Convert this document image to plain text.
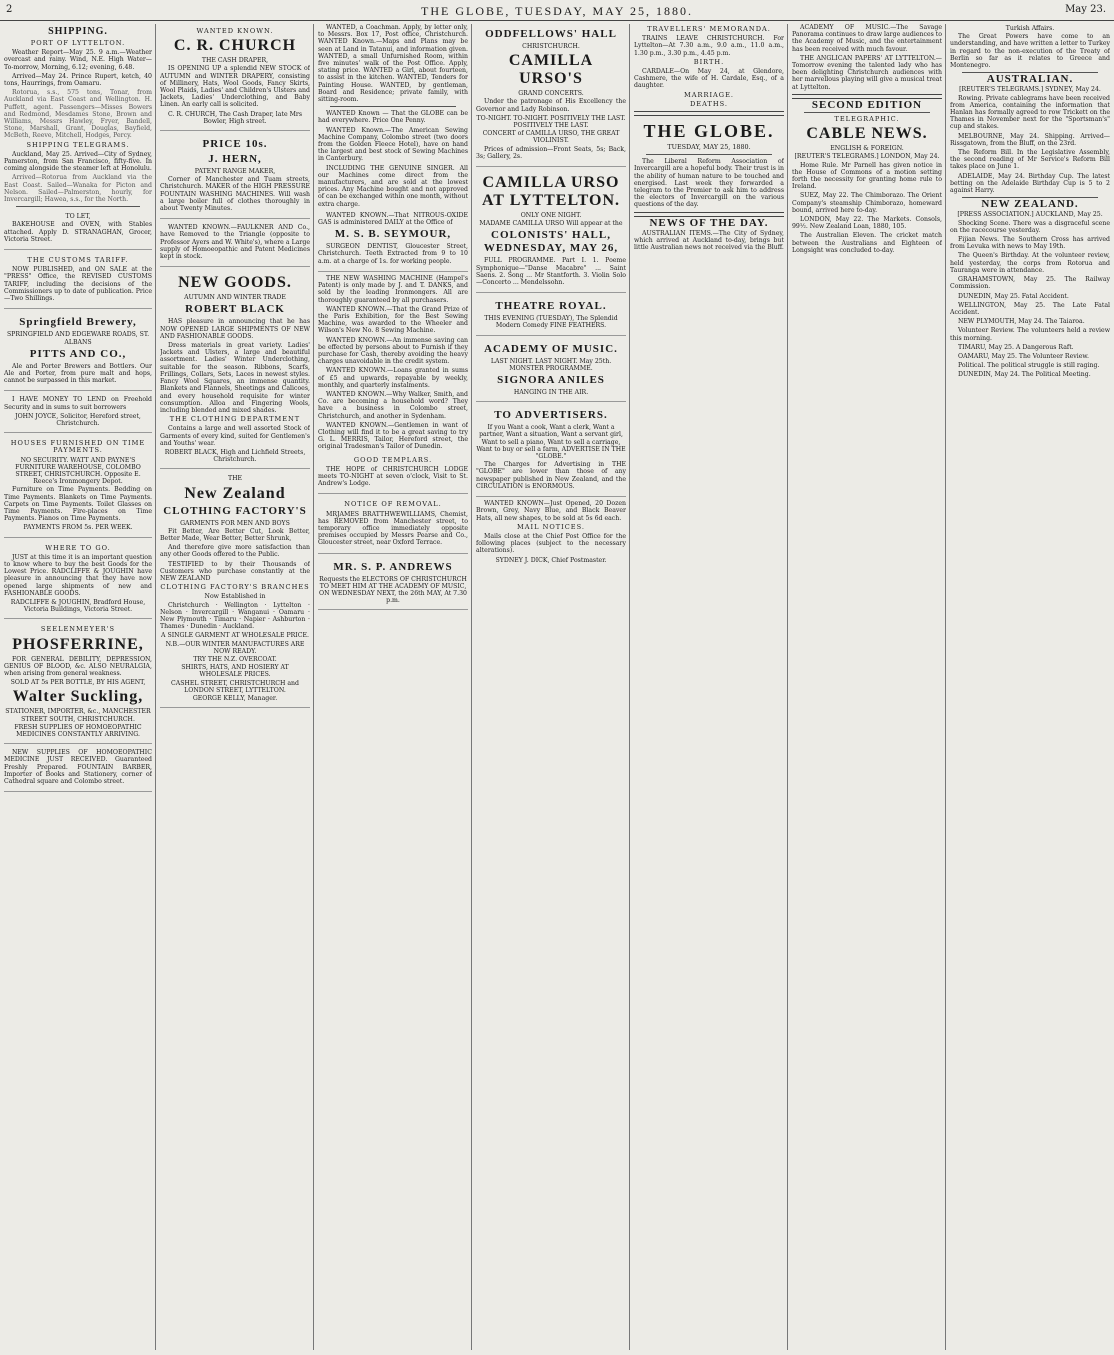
2	THE GLOBE, TUESDAY, MAY 25, 1880.	May 23.
SHIPPING.
PORT OF LYTTELTON.

Weather Report—May 25. 9 a.m.—Weather overcast and rainy. Wind, N.E. High Water—To-morrow, Morning, 6.12; evening, 6.48.

Arrived—May 24. Prince Rupert, ketch, 40 tons, Haurrings, from Oamaru.

Rotorua, s.s., 575 tons, Tonar, from Auckland via East Coast and Wellington. H. Puffett, agent. Passengers—Misses Bowers and Redmond, Mesdames Stone, Brown and Williams, Messrs Hawley, Fryer, Bandell, Stone, Marshall, Grant, Douglas, Bayfield, McBeth, Reeve, Mitchell, Hodges, Percy.

SHIPPING TELEGRAMS.

Auckland, May 25. Arrived—City of Sydney, Pamerston, from San Francisco, fifty-five. In coming alongside the steamer left at Honolulu.

Arrived—Rotorua from Auckland via the East Coast. Sailed—Wanaka for Picton and Nelson. Sailed—Palmerston, hourly, for Invercargill; Hawea, s.s., for the North.

TO LET,

BAKEHOUSE and OVEN, with Stables attached. Apply D. STRANAGHAN, Grocer, Victoria Street.

THE CUSTOMS TARIFF.

NOW PUBLISHED, and ON SALE at the "PRESS" Office, the REVISED CUSTOMS TARIFF, including the decisions of the Commissioners up to date of publication. Price—Two Shillings.

Springfield Brewery,
SPRINGFIELD AND EDGEWARE ROADS, ST. ALBANS
PITTS AND CO.,

Ale and Porter Brewers and Bottlers. Our Ale and Porter, from pure malt and hops, cannot be surpassed in this market.

I HAVE MONEY TO LEND on Freehold Security and in sums to suit borrowers

JOHN JOYCE, Solicitor, Hereford street, Christchurch.
HOUSES FURNISHED ON TIME PAYMENTS.
NO SECURITY. WATT AND PAYNE'S FURNITURE WAREHOUSE, COLOMBO STREET, CHRISTCHURCH. Opposite E. Reece's Ironmongery Depot.

Furniture on Time Payments. Bedding on Time Payments. Blankets on Time Payments. Carpets on Time Payments. Toilet Glasses on Time Payments. Fire-places on Time Payments. Pianos on Time Payments.

PAYMENTS FROM 5s. PER WEEK.
WHERE TO GO.

JUST at this time it is an important question to know where to buy the best Goods for the Lowest Price. RADCLIFFE & JOUGHIN have pleasure in announcing that they have now opened large shipments of new and FASHIONABLE GOODS.

RADCLIFFE & JOUGHIN, Bradford House, Victoria Buildings, Victoria Street.
SEELENMEYER'S
PHOSFERRINE,

FOR GENERAL DEBILITY, DEPRESSION, GENIUS OF BLOOD, &c. ALSO NEURALGIA, when arising from general weakness.

SOLD AT 5s PER BOTTLE, BY HIS AGENT,
Walter Suckling,
STATIONER, IMPORTER, &c., MANCHESTER STREET SOUTH, CHRISTCHURCH.
FRESH SUPPLIES OF HOMOEOPATHIC MEDICINES CONSTANTLY ARRIVING.

NEW SUPPLIES OF HOMOEOPATHIC MEDICINE JUST RECEIVED. Guaranteed Freshly Prepared. FOUNTAIN BARBER, Importer of Books and Stationery, corner of Cathedral square and Colombo street.

WANTED KNOWN.
C. R. CHURCH
THE CASH DRAPER,

IS OPENING UP a splendid NEW STOCK of AUTUMN and WINTER DRAPERY, consisting of Millinery, Hats, Wool Goods, Fancy Skirts, Wool Plaids, Ladies' and Children's Ulsters and Jackets, Ladies' Underclothing, and Baby Linen. An early call is solicited.

C. R. CHURCH, The Cash Draper, late Mrs Bowler, High street.
PRICE 10s.
J. HERN,
PATENT RANGE MAKER,

Corner of Manchester and Tuam streets, Christchurch. MAKER of the HIGH PRESSURE FOUNTAIN WASHING MACHINES. Will wash a large boiler full of clothes thoroughly in about Twenty Minutes.

WANTED KNOWN.—FAULKNER AND Co., have Removed to the Triangle (opposite to Professor Ayers and W. White's), where a Large supply of Homoeopathic and Patent Medicines kept in stock.

NEW GOODS.
AUTUMN AND WINTER TRADE
ROBERT BLACK

HAS pleasure in announcing that he has NOW OPENED LARGE SHIPMENTS OF NEW AND FASHIONABLE GOODS.

Dress materials in great variety. Ladies' Jackets and Ulsters, a large and beautiful assortment. Ladies' Winter Underclothing, suitable for the season. Ribbons, Scarfs, Frillings, Collars, Sets, Laces in newest styles. Fancy Wool Squares, an immense quantity. Blankets and Flannels, Sheetings and Calicoes, and every household requisite for winter consumption. Alloa and Fingering Wools, including blended and mixed shades.

THE CLOTHING DEPARTMENT

Contains a large and well assorted Stock of Garments of every kind, suited for Gentlemen's and Youths' wear.

ROBERT BLACK, High and Lichfield Streets, Christchurch.
THE
New Zealand
CLOTHING FACTORY'S
GARMENTS FOR MEN AND BOYS

Fit Better, Are Better Cut, Look Better, Better Made, Wear Better, Better Shrunk,

And therefore give more satisfaction than any other Goods offered to the Public.

TESTIFIED to by their Thousands of Customers who purchase constantly at the NEW ZEALAND

CLOTHING FACTORY'S BRANCHES
Now Established in

Christchurch · Wellington · Lyttelton · Nelson · Invercargill · Wanganui · Oamaru · New Plymouth · Timaru · Napier · Ashburton · Thames · Dunedin · Auckland.

A SINGLE GARMENT AT WHOLESALE PRICE.
N.B.—OUR WINTER MANUFACTURES ARE NOW READY.
TRY THE N.Z. OVERCOAT.
SHIRTS, HATS, AND HOSIERY AT WHOLESALE PRICES.
CASHEL STREET, CHRISTCHURCH and LONDON STREET, LYTTELTON.
GEORGE KELLY, Manager.

WANTED, a Coachman. Apply, by letter only, to Messrs. Box 17, Post office, Christchurch. WANTED Known.—Maps and Plans may be seen at Land in Tatanui, and information given. WANTED, a small Unfurnished Room, within five minutes' walk of the Post Office. Apply, stating price. WANTED a Girl, about fourteen, to assist in the kitchen. WANTED, Tenders for Painting House. WANTED, by gentleman, Board and Residence; private family, with sitting-room.

WANTED Known — That the GLOBE can be had everywhere. Price One Penny.

WANTED Known.—The American Sewing Machine Company, Colombo street (two doors from the Golden Fleece Hotel), have on hand the largest and best stock of Sewing Machines in Canterbury.

INCLUDING THE GENUINE SINGER. All our Machines come direct from the manufacturers, and are sold at the lowest prices. Any Machine bought and not approved of can be exchanged within one month, without extra charge.

WANTED KNOWN.—That NITROUS-OXIDE GAS is administered DAILY at the Office of

M. S. B. SEYMOUR,

SURGEON DENTIST, Gloucester Street, Christchurch. Teeth Extracted from 9 to 10 a.m. at a charge of 1s. for working people.

THE NEW WASHING MACHINE (Hampel's Patent) is only made by J. and T. DANKS, and sold by the leading Ironmongers. All are thoroughly guaranteed by all purchasers.

WANTED KNOWN.—That the Grand Prize of the Paris Exhibition, for the Best Sewing Machine, was awarded to the Wheeler and Wilson's New No. 8 Sewing Machine.

WANTED KNOWN.—An immense saving can be effected by persons about to Furnish if they purchase for Cash, thereby avoiding the heavy charges unavoidable in the credit system.

WANTED KNOWN.—Loans granted in sums of £5 and upwards, repayable by weekly, monthly, and quarterly instalments.

WANTED KNOWN.—Why Walker, Smith, and Co. are becoming a household word? They have a business in Colombo street, Christchurch, and another in Sydenham.

WANTED KNOWN.—Gentlemen in want of Clothing will find it to be a great saving to try G. L. MERRIS, Tailor, Hereford street, the original Tradesman's Tailor of Dunedin.

GOOD TEMPLARS.

THE HOPE of CHRISTCHURCH LODGE meets TO-NIGHT at seven o'clock, Visit to St. Andrew's Lodge.

NOTICE OF REMOVAL.

MRJAMES BRATTHWEWILLIAMS, Chemist, has REMOVED from Manchester street, to temporary office immediately opposite premises occupied by Messrs Pearse and Co., Gloucester street, near Oxford Terrace.

MR. S. P. ANDREWS
Requests the ELECTORS OF CHRISTCHURCH TO MEET HIM AT THE ACADEMY OF MUSIC, ON WEDNESDAY NEXT, the 26th MAY, At 7.30 p.m.
ODDFELLOWS' HALL
CHRISTCHURCH.
CAMILLA URSO'S
GRAND CONCERTS.

Under the patronage of His Excellency the Governor and Lady Robinson.

TO-NIGHT. TO-NIGHT. POSITIVELY THE LAST. POSITIVELY THE LAST.
CONCERT of CAMILLA URSO, THE GREAT VIOLINIST.

Prices of admission—Front Seats, 5s; Back, 3s; Gallery, 2s.

CAMILLA URSO AT LYTTELTON.
ONLY ONE NIGHT.
MADAME CAMILLA URSO Will appear at the
COLONISTS' HALL, WEDNESDAY, MAY 26,

FULL PROGRAMME. Part I. 1. Poeme Symphonique—"Danse Macabre" ... Saint Saens. 2. Song ... Mr Stantforth. 3. Violin Solo—Concerto ... Mendelssohn.

THEATRE ROYAL.
THIS EVENING (TUESDAY), The Splendid Modern Comedy FINE FEATHERS.
ACADEMY OF MUSIC.
LAST NIGHT. LAST NIGHT. May 25th. MONSTER PROGRAMME.
SIGNORA ANILES
HANGING IN THE AIR.
TO ADVERTISERS.
If you Want a cook, Want a clerk, Want a partner, Want a situation, Want a servant girl, Want to sell a piano, Want to sell a carriage, Want to buy or sell a farm, ADVERTISE IN THE "GLOBE."

The Charges for Advertising in THE "GLOBE" are lower than those of any newspaper published in New Zealand, and the CIRCULATION is ENORMOUS.

WANTED KNOWN—Just Opened, 20 Dozen Brown, Grey, Navy Blue, and Black Beaver Hats, all new shapes, to be sold at 5s 6d each.

MAIL NOTICES.

Mails close at the Chief Post Office for the following places (subject to the necessary alterations).

SYDNEY J. DICK, Chief Postmaster.
TRAVELLERS' MEMORANDA.

TRAINS LEAVE CHRISTCHURCH. For Lyttelton—At 7.30 a.m., 9.0 a.m., 11.0 a.m., 1.30 p.m., 3.30 p.m., 4.45 p.m.

BIRTH.

CARDALE—On May 24, at Glendore, Cashmere, the wife of H. Cardale, Esq., of a daughter.

MARRIAGE.
DEATHS.
THE GLOBE.
TUESDAY, MAY 25, 1880.

The Liberal Reform Association of Invercargill are a hopeful body. Their trust is in the ability of human nature to be touched and energised. Last week they forwarded a telegram to the Premier to ask him to address the electors of Invercargill on the various questions of the day.

NEWS OF THE DAY.

AUSTRALIAN ITEMS.—The City of Sydney, which arrived at Auckland to-day, brings but little Australian news not received via the Bluff.

ACADEMY OF MUSIC.—The Savage Panorama continues to draw large audiences to the Academy of Music, and the entertainment has been received with much favour.

THE ANGLICAN PAPERS' AT LYTTELTON.—Tomorrow evening the talented lady who has been delighting Christchurch audiences with her marvellous playing will give a musical treat at Lyttelton.

SECOND EDITION
TELEGRAPHIC.
CABLE NEWS.
ENGLISH & FOREIGN.
[REUTER'S TELEGRAMS.] LONDON, May 24.

Home Rule. Mr Parnell has given notice in the House of Commons of a motion setting forth the necessity for granting home rule to Ireland.

SUEZ, May 22. The Chimborazo. The Orient Company's steamship Chimborazo, homeward bound, arrived here to-day.

LONDON, May 22. The Markets. Consols, 99½. New Zealand Loan, 1880, 105.

The Australian Eleven. The cricket match between the Australians and Eighteen of Longsight was concluded to-day.

Turkish Affairs.

The Great Powers have come to an understanding, and have written a letter to Turkey in regard to the non-execution of the Treaty of Berlin so far as it relates to Greece and Montenegro.

AUSTRALIAN.
[REUTER'S TELEGRAMS.] SYDNEY, May 24.

Rowing. Private cablegrams have been received from America, containing the information that Hanlan has formally agreed to row Trickett on the Thames in November next for the "Sportsman's" cup and stakes.

MELBOURNE, May 24. Shipping. Arrived—Rissgatown, from the Bluff, on the 23rd.

The Reform Bill. In the Legislative Assembly, the second reading of Mr Service's Reform Bill takes place on June 1.

ADELAIDE, May 24. Birthday Cup. The latest betting on the Adelaide Birthday Cup is 5 to 2 against Harry.

NEW ZEALAND.
[PRESS ASSOCIATION.] AUCKLAND, May 25.

Shocking Scene. There was a disgraceful scene on the racecourse yesterday.

Fijian News. The Southern Cross has arrived from Levuka with news to May 19th.

The Queen's Birthday. At the volunteer review, held yesterday, the corps from Rotorua and Tauranga were in attendance.

GRAHAMSTOWN, May 25. The Railway Commission.

DUNEDIN, May 25. Fatal Accident.

WELLINGTON, May 25. The Late Fatal Accident.

NEW PLYMOUTH, May 24. The Taiaroa.

Volunteer Review. The volunteers held a review this morning.

TIMARU, May 25. A Dangerous Raft.

OAMARU, May 25. The Volunteer Review.

Political. The political struggle is still raging.

DUNEDIN, May 24. The Political Meeting.
